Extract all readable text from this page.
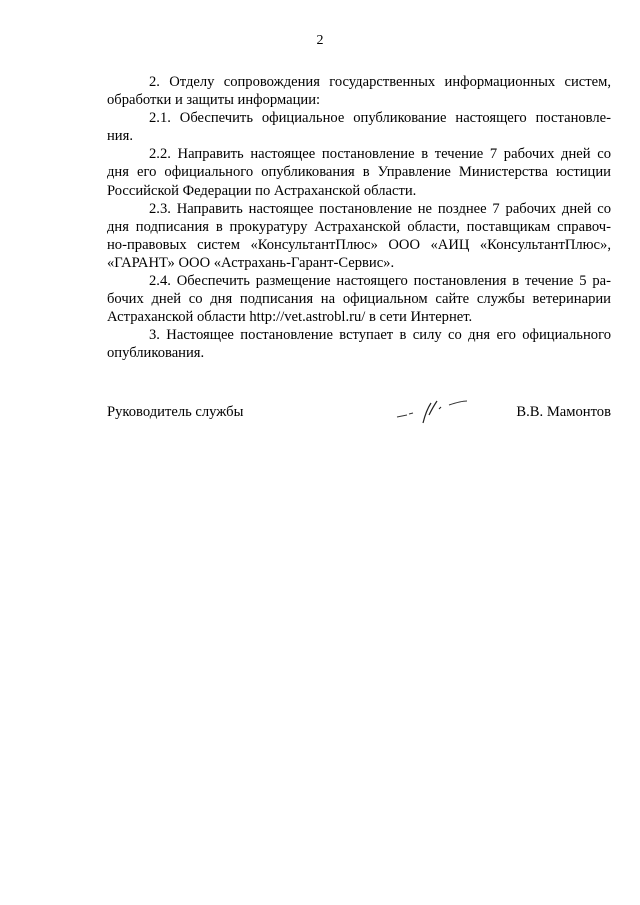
2

2. Отделу сопровождения государственных информационных систем,
обработки и защиты информации:

2.1. Обеспечить официальное опубликование настоящего постановле-
ния.

2.2. Направить настоящее постановление в течение 7 рабочих дней со
дня его официального опубликования в Управление Министерства юстиции
Российской Федерации по Астраханской области.

2.3. Направить настоящее постановление не позднее 7 рабочих дней со
дня подписания в прокуратуру Астраханской области, поставщикам справоч-
но-правовых систем «КонсультантПлюс» ООО «АИЦ «КонсультантПлюс»,
«ГАРАНТ» ООО «Астрахань-Гарант-Сервис».

2.4. Обеспечить размещение настоящего постановления в течение 5 ра-
бочих дней со дня подписания на официальном сайте службы ветеринарии
Астраханской области http://vet.astrobl.ru/ в сети Интернет.

3. Настоящее постановление вступает в силу со дня его официального
опубликования.

Руководитель службы	В.В. Мамонтов
